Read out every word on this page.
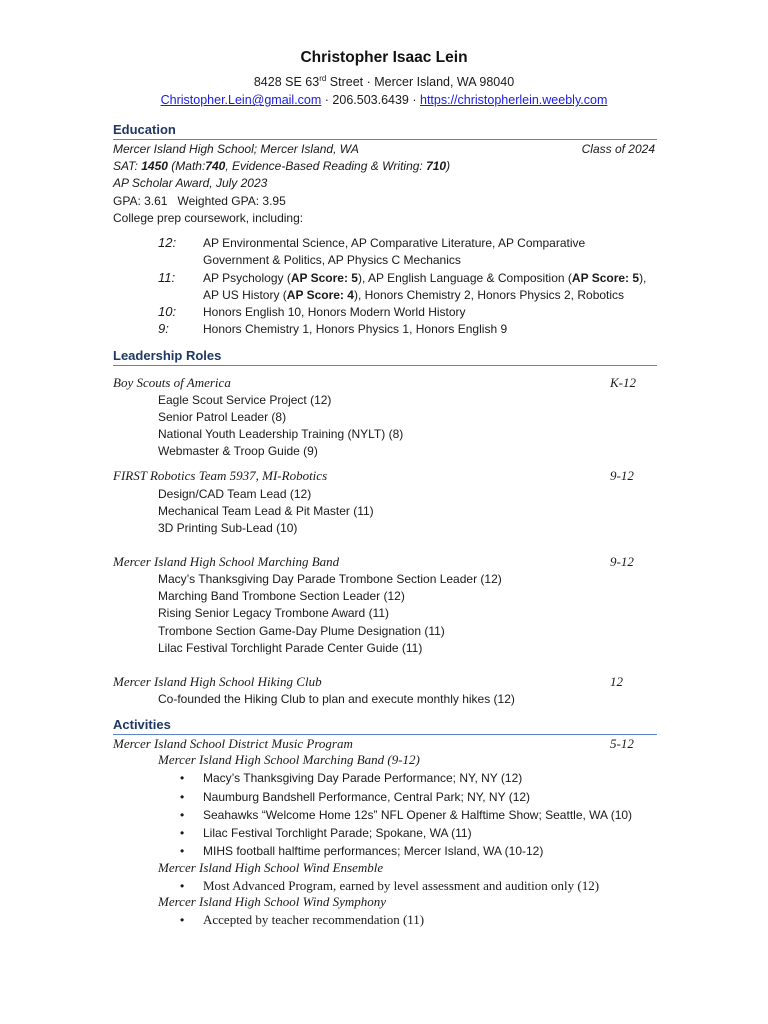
Christopher Isaac Lein
8428 SE 63rd Street · Mercer Island, WA 98040
Christopher.Lein@gmail.com · 206.503.6439 · https://christopherlein.weebly.com
Education
Mercer Island High School; Mercer Island, WA	Class of 2024
SAT: 1450 (Math:740, Evidence-Based Reading & Writing: 710)
AP Scholar Award, July 2023
GPA: 3.61   Weighted GPA: 3.95
College prep coursework, including:
12: AP Environmental Science, AP Comparative Literature, AP Comparative
Government & Politics, AP Physics C Mechanics
11: AP Psychology (AP Score: 5), AP English Language & Composition (AP Score: 5),
AP US History (AP Score: 4), Honors Chemistry 2, Honors Physics 2, Robotics
10: Honors English 10, Honors Modern World History
9:	Honors Chemistry 1, Honors Physics 1, Honors English 9
Leadership Roles
Boy Scouts of America	K-12
Eagle Scout Service Project (12)
Senior Patrol Leader (8)
National Youth Leadership Training (NYLT) (8)
Webmaster & Troop Guide (9)
FIRST Robotics Team 5937, MI-Robotics	9-12
Design/CAD Team Lead (12)
Mechanical Team Lead & Pit Master (11)
3D Printing Sub-Lead (10)
Mercer Island High School Marching Band	9-12
Macy’s Thanksgiving Day Parade Trombone Section Leader (12)
Marching Band Trombone Section Leader (12)
Rising Senior Legacy Trombone Award (11)
Trombone Section Game-Day Plume Designation (11)
Lilac Festival Torchlight Parade Center Guide (11)
Mercer Island High School Hiking Club	12
Co-founded the Hiking Club to plan and execute monthly hikes (12)
Activities
Mercer Island School District Music Program	5-12
Mercer Island High School Marching Band (9-12)
• Macy’s Thanksgiving Day Parade Performance; NY, NY (12)
• Naumburg Bandshell Performance, Central Park; NY, NY (12)
• Seahawks “Welcome Home 12s” NFL Opener & Halftime Show; Seattle, WA (10)
• Lilac Festival Torchlight Parade; Spokane, WA (11)
• MIHS football halftime performances; Mercer Island, WA (10-12)
Mercer Island High School Wind Ensemble
• Most Advanced Program, earned by level assessment and audition only (12)
Mercer Island High School Wind Symphony
• Accepted by teacher recommendation (11)
